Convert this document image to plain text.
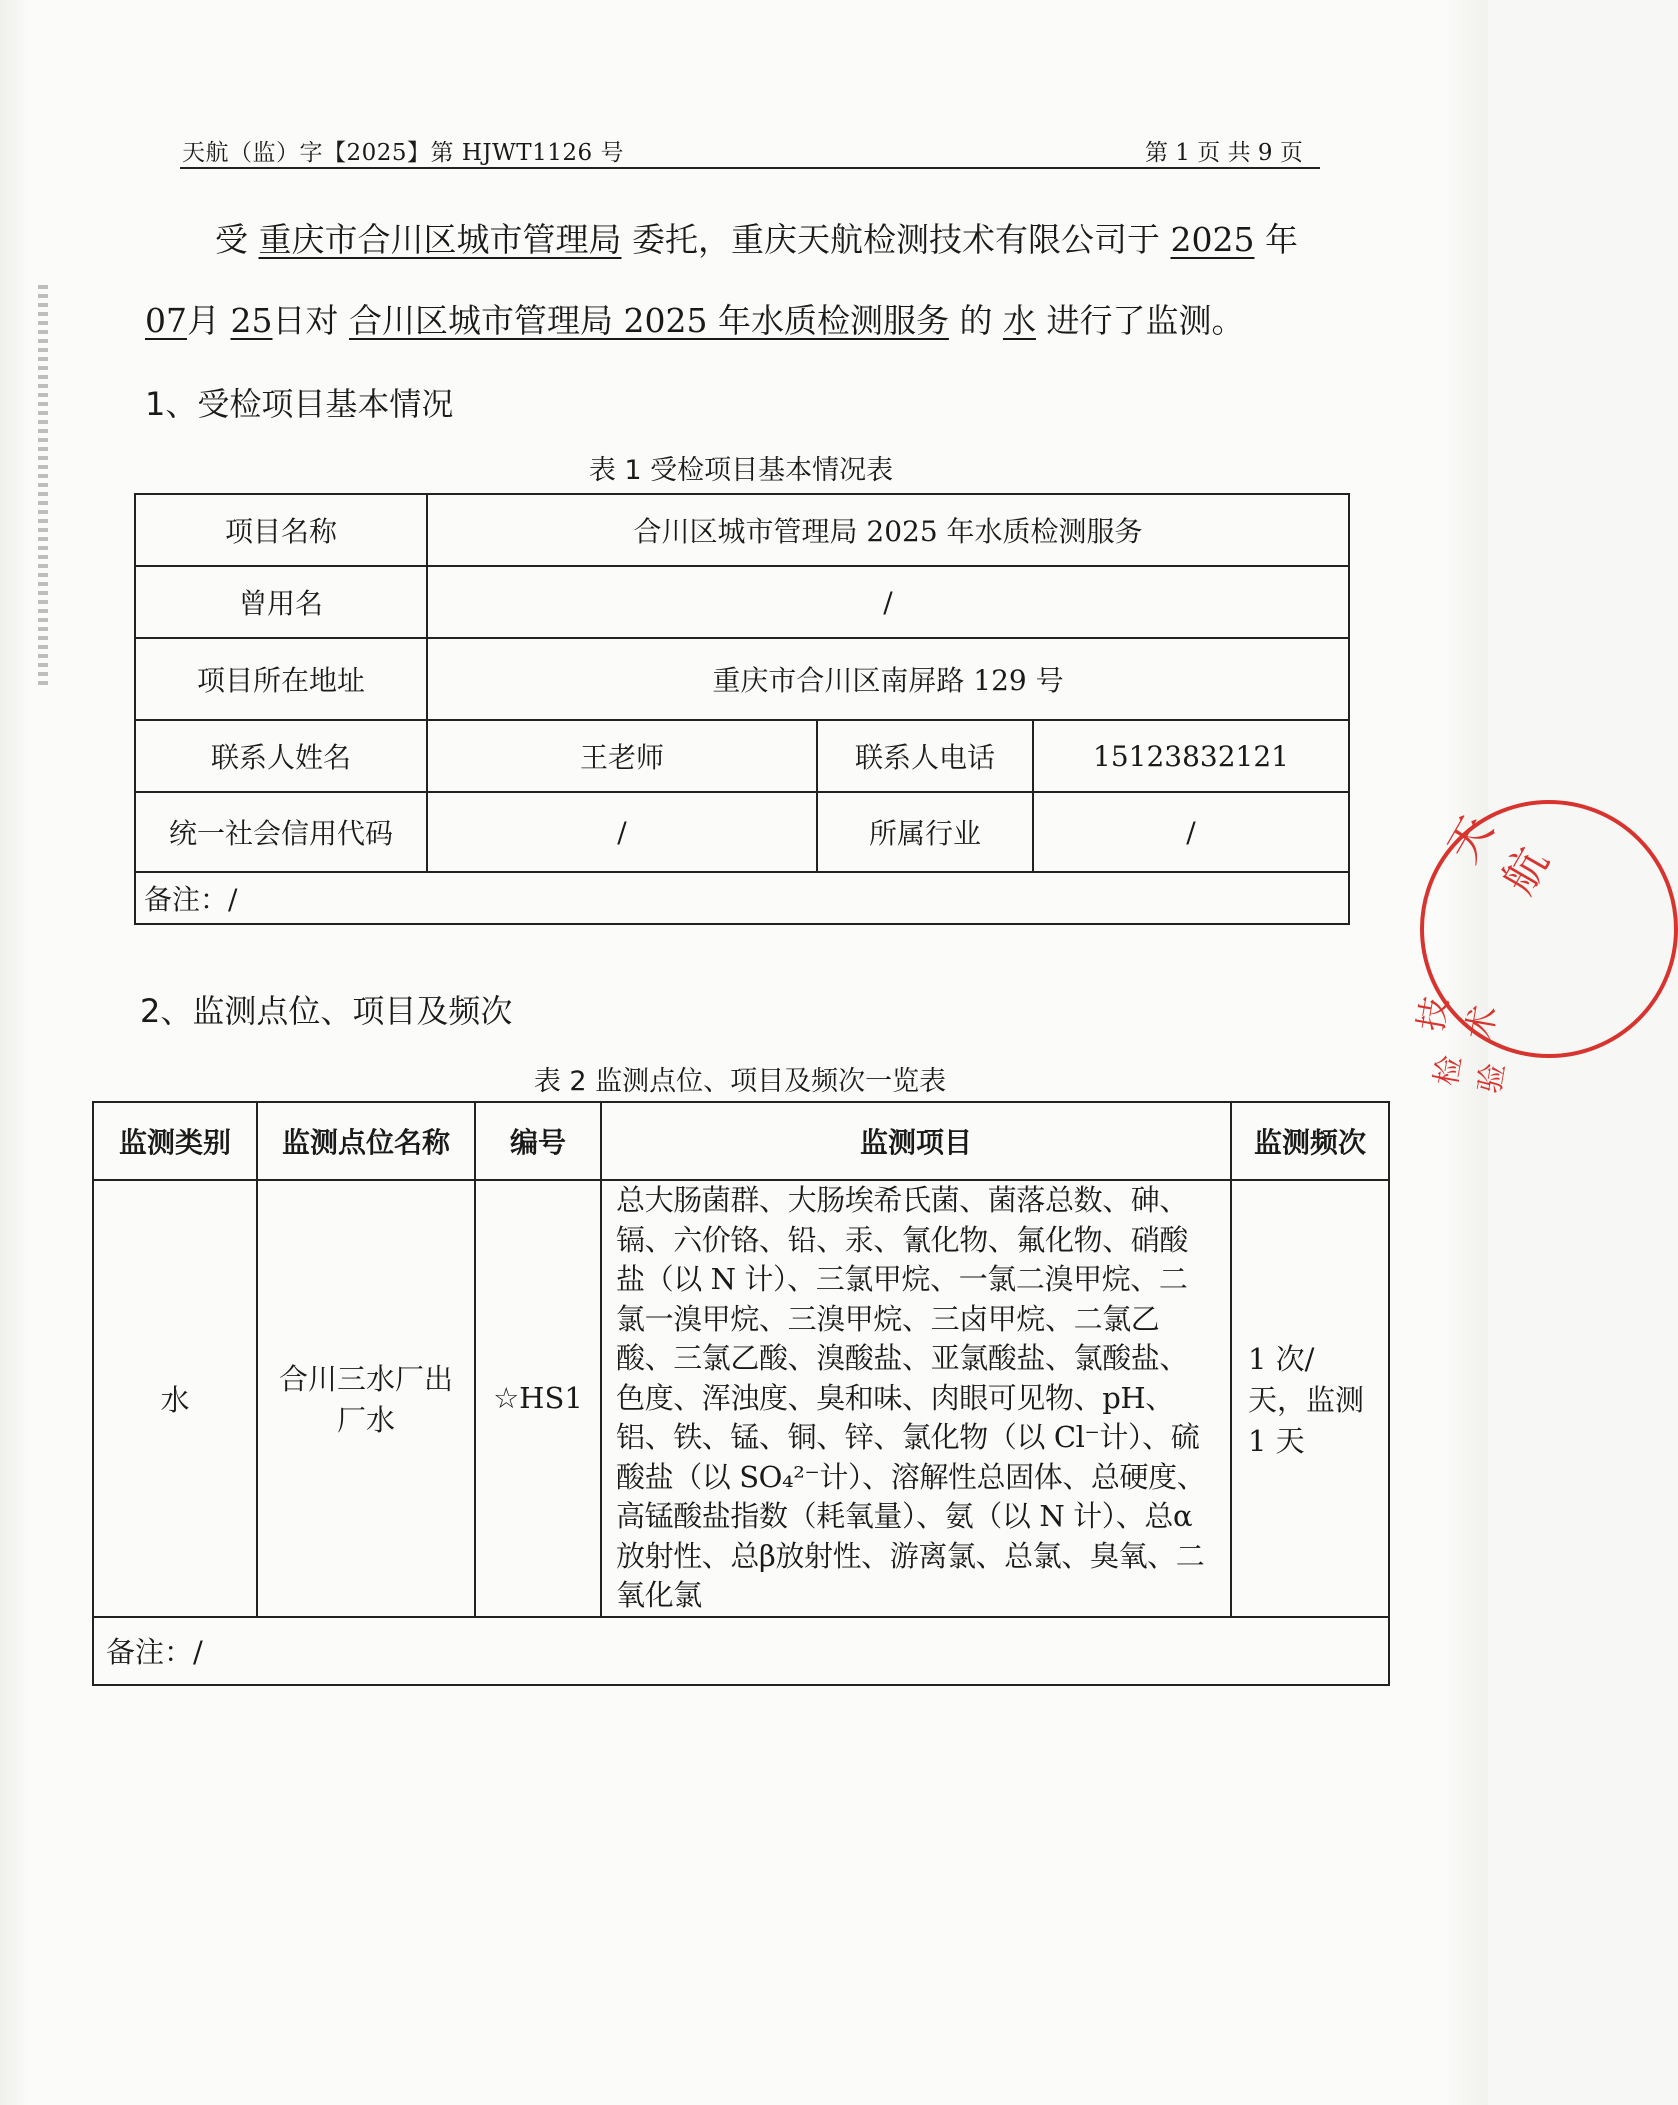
天航（监）字【2025】第 HJWT1126 号	第 1 页 共 9 页
受 重庆市合川区城市管理局 委托，重庆天航检测技术有限公司于 2025 年
07月 25日对 合川区城市管理局 2025 年水质检测服务 的 水 进行了监测。
1、受检项目基本情况
表 1 受检项目基本情况表
项目名称	合川区城市管理局 2025 年水质检测服务		
曾用名	/		
项目所在地址	重庆市合川区南屏路 129 号		
联系人姓名	王老师	联系人电话	15123832121
统一社会信用代码	/	所属行业	/
备注：/			
2、监测点位、项目及频次
表 2 监测点位、项目及频次一览表
监测类别	监测点位名称	编号	监测项目	监测频次
水	合川三水厂出厂水	☆HS1	总大肠菌群、大肠埃希氏菌、菌落总数、砷、镉、六价铬、铅、汞、氰化物、氟化物、硝酸盐（以 N 计）、三氯甲烷、一氯二溴甲烷、二氯一溴甲烷、三溴甲烷、三卤甲烷、二氯乙酸、三氯乙酸、溴酸盐、亚氯酸盐、氯酸盐、色度、浑浊度、臭和味、肉眼可见物、pH、铝、铁、锰、铜、锌、氯化物（以 Cl⁻计）、硫酸盐（以 SO₄²⁻计）、溶解性总固体、总硬度、高锰酸盐指数（耗氧量）、氨（以 N 计）、总α放射性、总β放射性、游离氯、总氯、臭氧、二氧化氯	1 次/天，监测 1 天
备注：/				
天航
技术
检验
